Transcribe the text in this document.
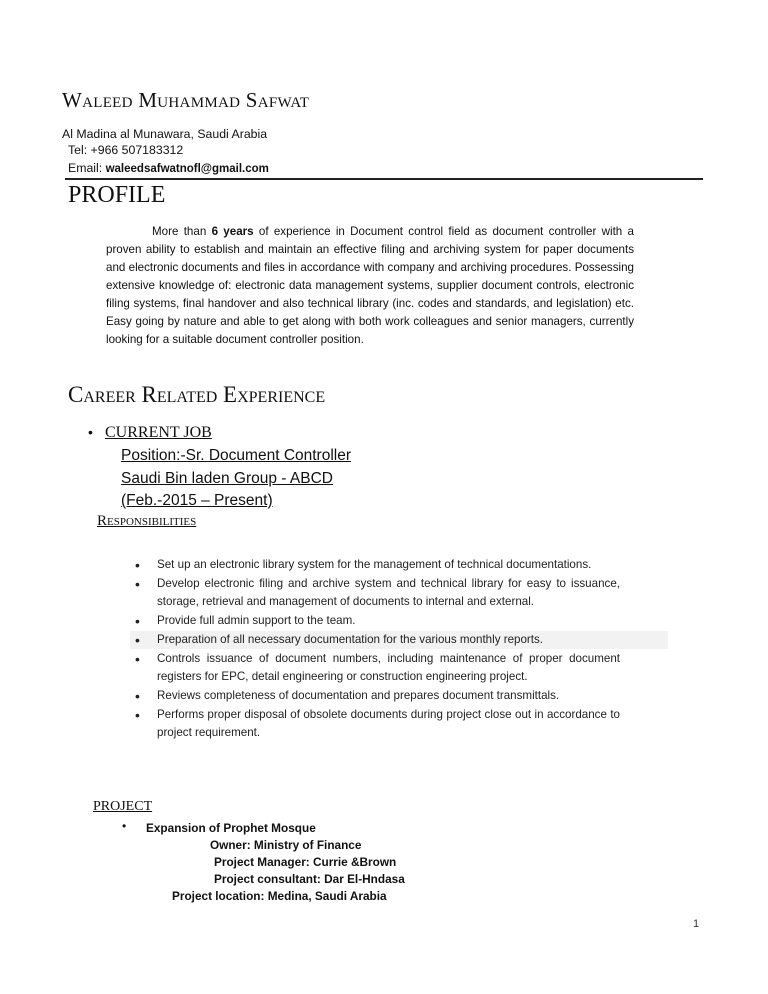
Waleed Muhammad Safwat
Al Madina al Munawara, Saudi Arabia
Tel: +966 507183312
Email: waleedsafwatnofl@gmail.com
PROFILE
More than 6 years of experience in Document control field as document controller with a proven ability to establish and maintain an effective filing and archiving system for paper documents and electronic documents and files in accordance with company and archiving procedures. Possessing extensive knowledge of: electronic data management systems, supplier document controls, electronic filing systems, final handover and also technical library (inc. codes and standards, and legislation) etc. Easy going by nature and able to get along with both work colleagues and senior managers, currently looking for a suitable document controller position.
Career Related Experience
• CURRENT JOB
Position:-Sr. Document Controller
Saudi Bin laden Group - ABCD
(Feb.-2015 – Present)
Responsibilities
• Set up an electronic library system for the management of technical documentations.
• Develop electronic filing and archive system and technical library for easy to issuance, storage, retrieval and management of documents to internal and external.
• Provide full admin support to the team.
• Preparation of all necessary documentation for the various monthly reports.
• Controls issuance of document numbers, including maintenance of proper document registers for EPC, detail engineering or construction engineering project.
• Reviews completeness of documentation and prepares document transmittals.
• Performs proper disposal of obsolete documents during project close out in accordance to project requirement.
PROJECT
• Expansion of Prophet Mosque
Owner: Ministry of Finance
Project Manager: Currie &Brown
Project consultant: Dar El-Hndasa
Project location: Medina, Saudi Arabia
1
